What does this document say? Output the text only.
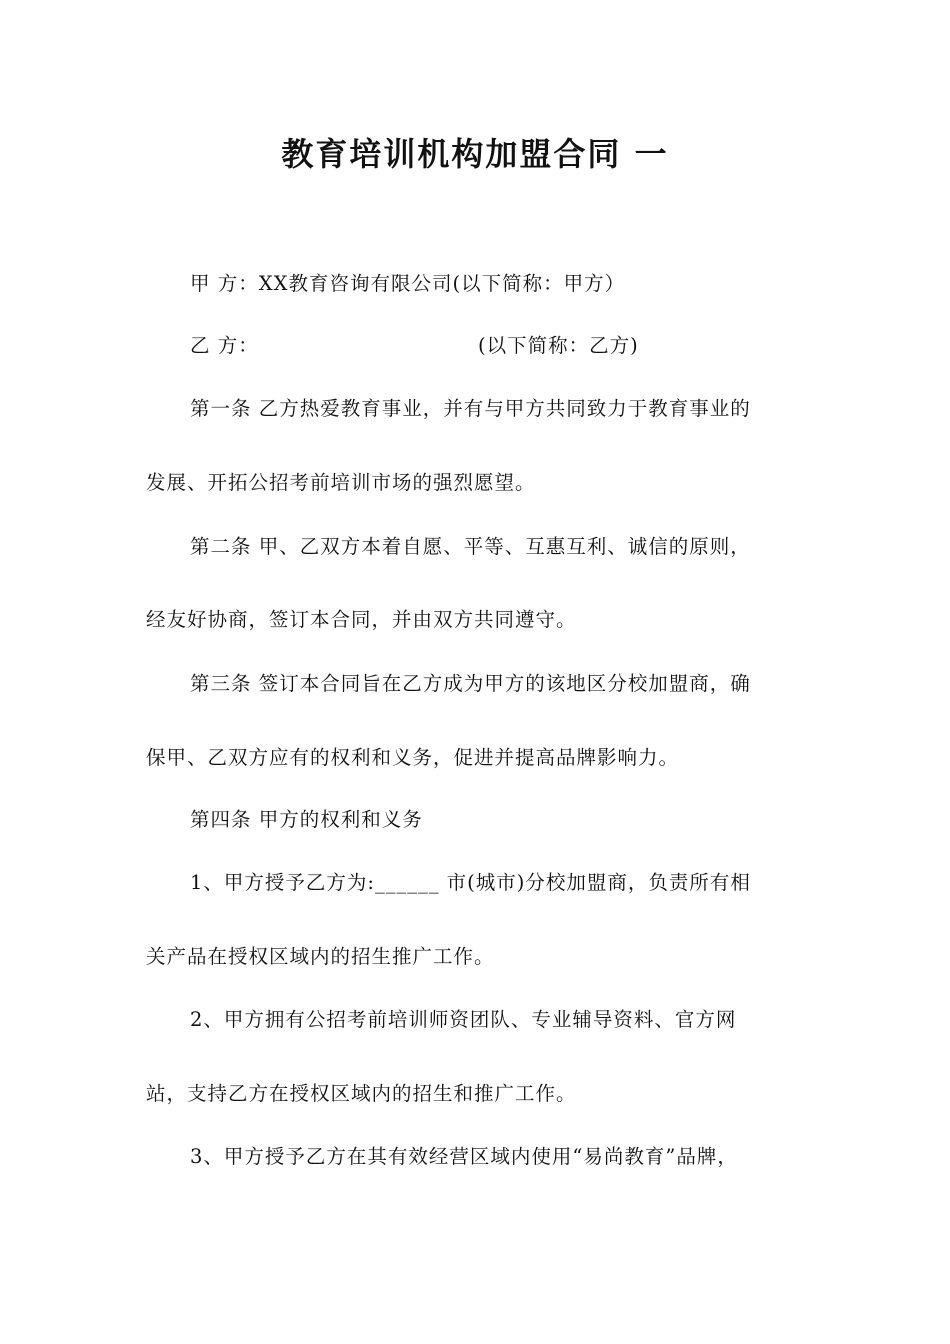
教育培训机构加盟合同 一
甲 方：XX教育咨询有限公司(以下简称：甲方）
乙 方：	(以下简称：乙方)
第一条 乙方热爱教育事业，并有与甲方共同致力于教育事业的
发展、开拓公招考前培训市场的强烈愿望。
第二条 甲、乙双方本着自愿、平等、互惠互利、诚信的原则，
经友好协商，签订本合同，并由双方共同遵守。
第三条 签订本合同旨在乙方成为甲方的该地区分校加盟商，确
保甲、乙双方应有的权利和义务，促进并提高品牌影响力。
第四条 甲方的权利和义务
1、甲方授予乙方为:______ 市(城市)分校加盟商，负责所有相
关产品在授权区域内的招生推广工作。
2、甲方拥有公招考前培训师资团队、专业辅导资料、官方网
站，支持乙方在授权区域内的招生和推广工作。
3、甲方授予乙方在其有效经营区域内使用“易尚教育”品牌，
